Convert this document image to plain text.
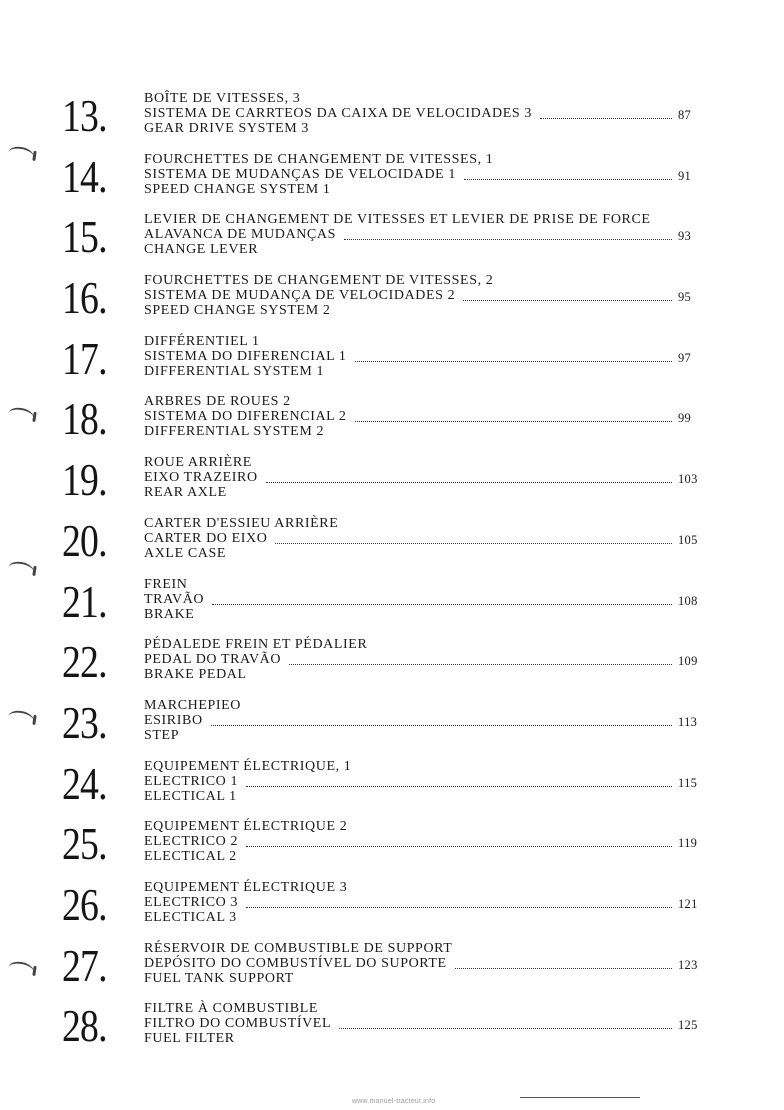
13.	BOÎTE DE VITESSES, 3
SISTEMA DE CARRTEOS DA CAIXA DE VELOCIDADES 3
GEAR DRIVE SYSTEM 3
87
14.	FOURCHETTES DE CHANGEMENT DE VITESSES, 1
SISTEMA DE MUDANÇAS DE VELOCIDADE 1
SPEED CHANGE SYSTEM 1
91
15.	LEVIER DE CHANGEMENT DE VITESSES ET LEVIER DE PRISE DE FORCE
ALAVANCA DE MUDANÇAS
CHANGE LEVER
93
16.	FOURCHETTES DE CHANGEMENT DE VITESSES, 2
SISTEMA DE MUDANÇA DE VELOCIDADES 2
SPEED CHANGE SYSTEM 2
95
17.	DIFFÉRENTIEL 1
SISTEMA DO DIFERENCIAL 1
DIFFERENTIAL SYSTEM 1
97
18.	ARBRES DE ROUES 2
SISTEMA DO DIFERENCIAL 2
DIFFERENTIAL SYSTEM 2
99
19.	ROUE ARRIÈRE
EIXO TRAZEIRO
REAR AXLE
103
20.	CARTER D'ESSIEU ARRIÈRE
CARTER DO EIXO
AXLE CASE
105
21.	FREIN
TRAVÃO
BRAKE
108
22.	PÉDALEDE FREIN ET PÉDALIER
PEDAL DO TRAVÃO
BRAKE PEDAL
109
23.	MARCHEPIEO
ESIRIBO
STEP
113
24.	EQUIPEMENT ÉLECTRIQUE, 1
ELECTRICO 1
ELECTICAL 1
115
25.	EQUIPEMENT ÉLECTRIQUE 2
ELECTRICO 2
ELECTICAL 2
119
26.	EQUIPEMENT ÉLECTRIQUE 3
ELECTRICO 3
ELECTICAL 3
121
27.	RÉSERVOIR DE COMBUSTIBLE DE SUPPORT
DEPÓSITO DO COMBUSTÍVEL DO SUPORTE
FUEL TANK SUPPORT
123
28.	FILTRE À COMBUSTIBLE
FILTRO DO COMBUSTÍVEL
FUEL FILTER
125
www.manuel-tracteur.info
